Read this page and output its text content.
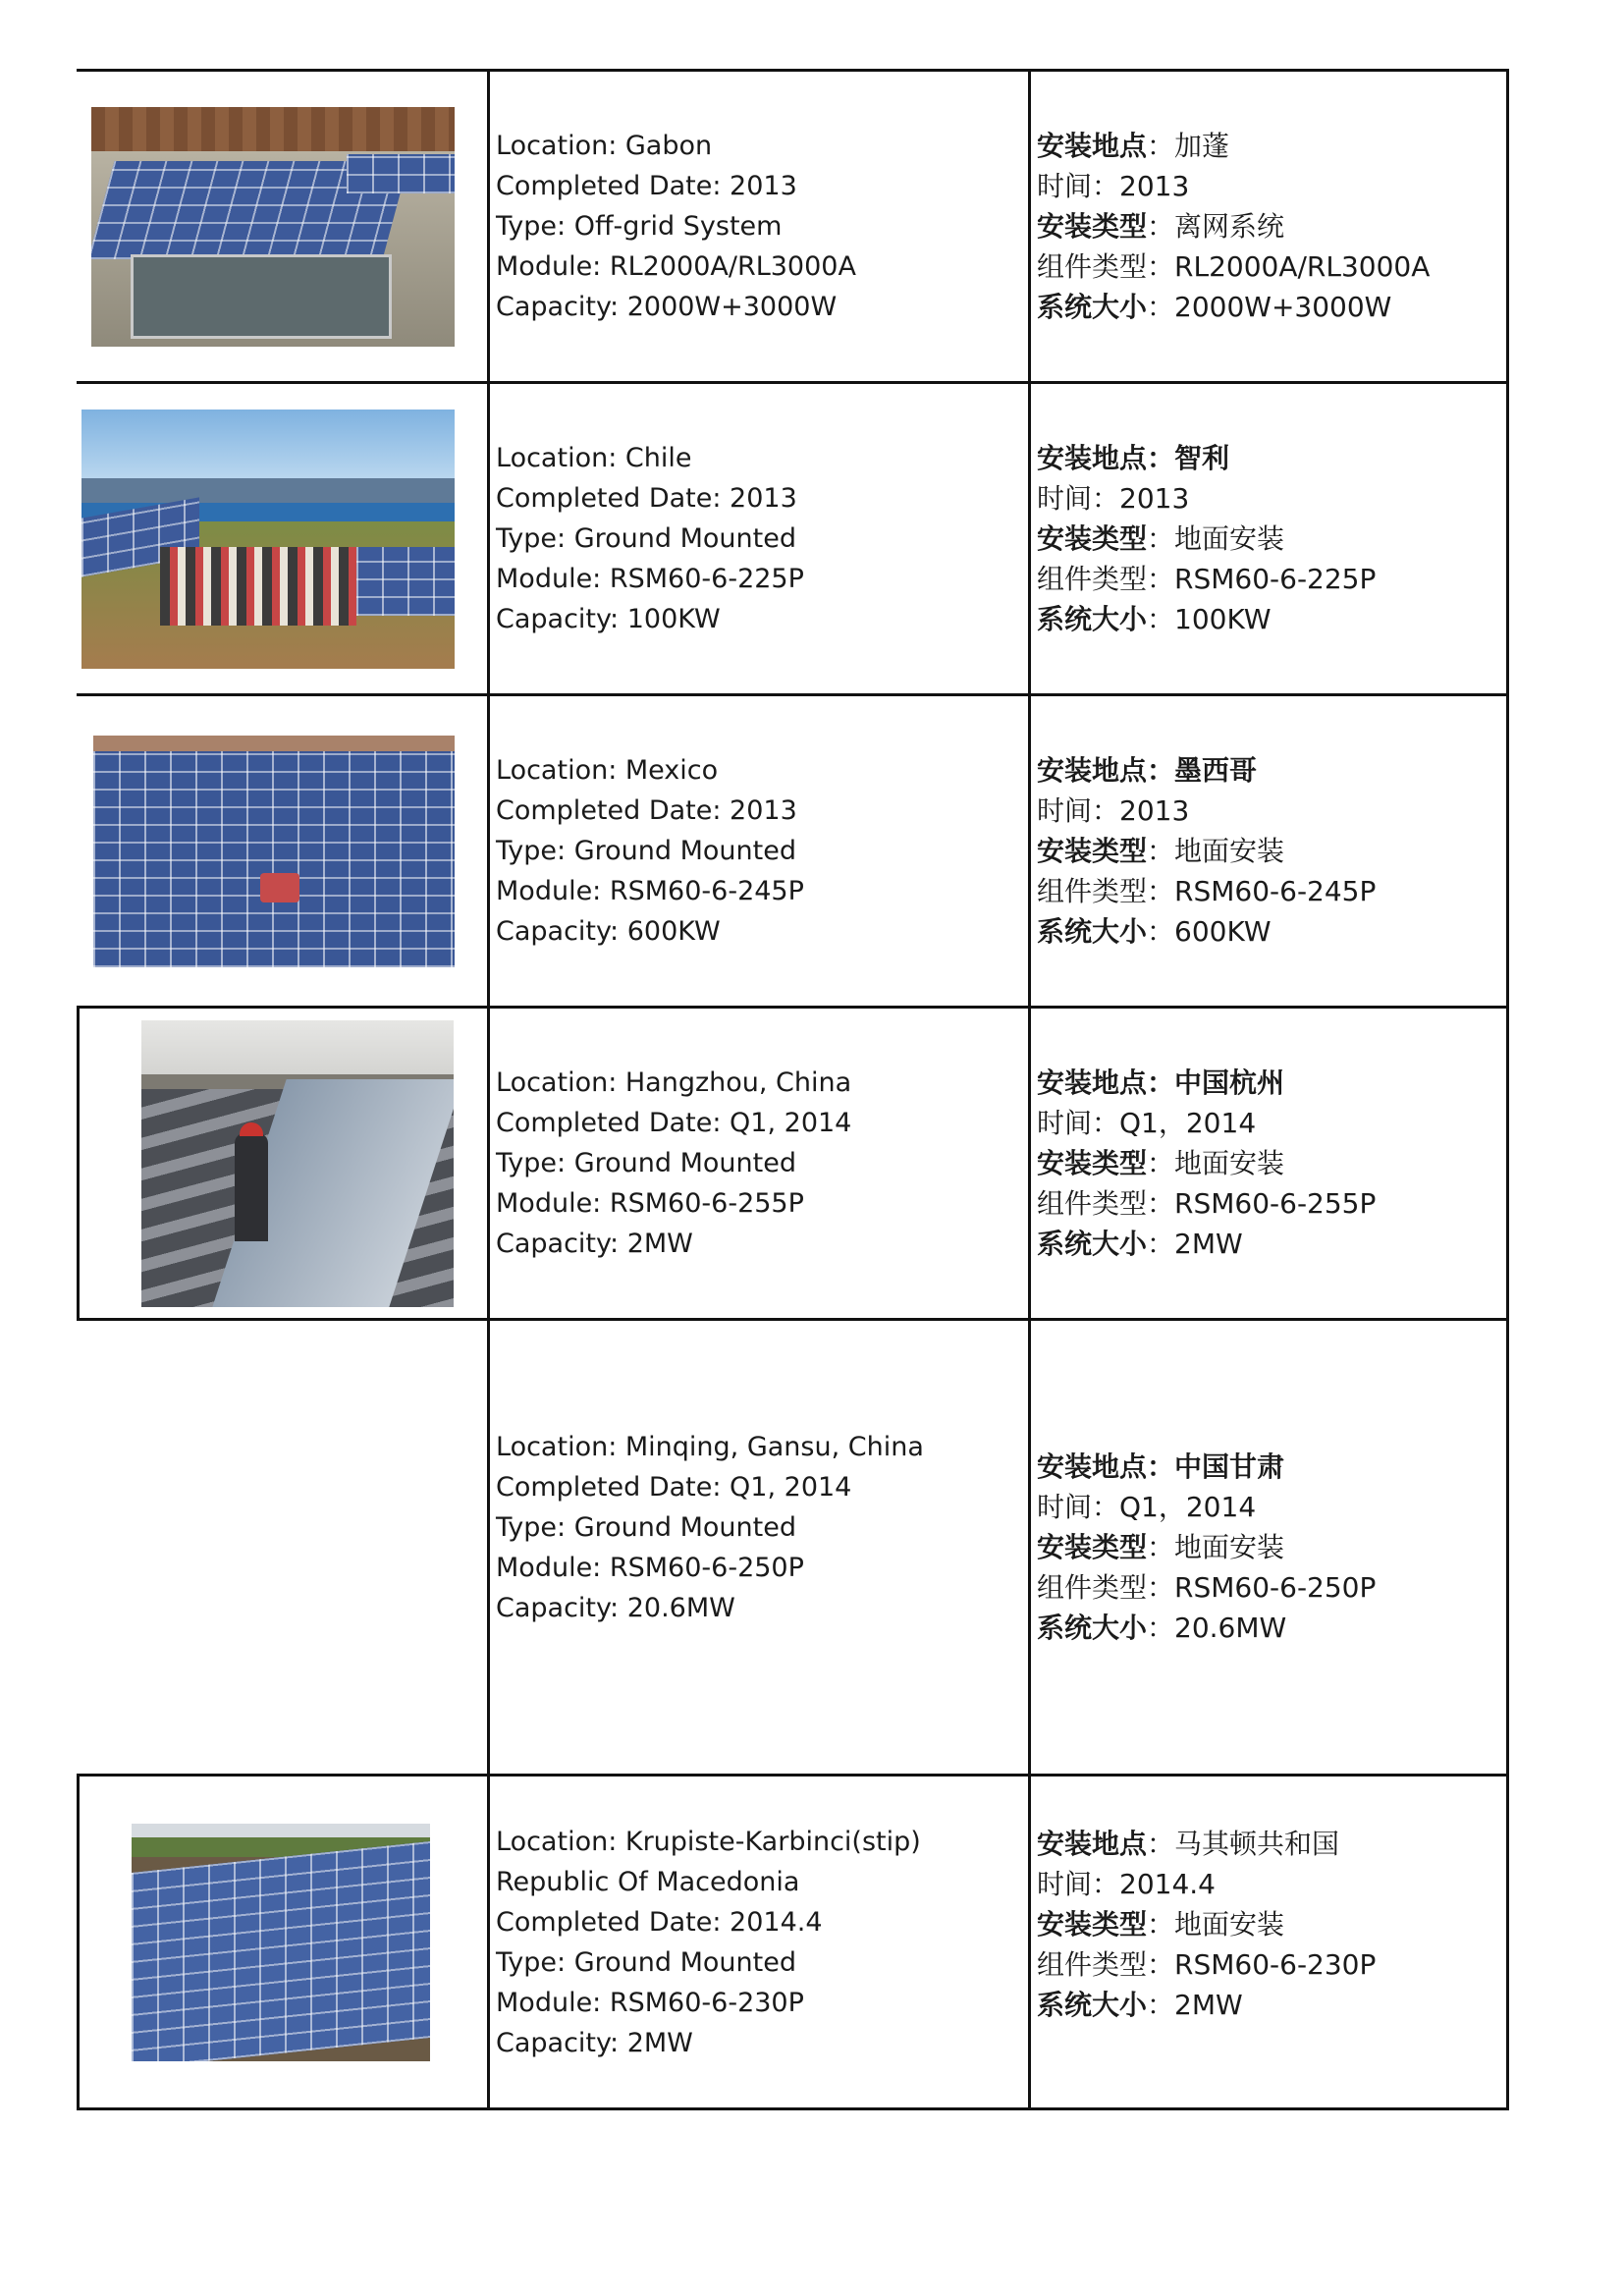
	Location: Gabon
Completed Date: 2013
Type: Off-grid System
Module: RL2000A/RL3000A
Capacity: 2000W+3000W	安装地点：加蓬
时间：2013
安装类型：离网系统
组件类型：RL2000A/RL3000A
系统大小：2000W+3000W

	Location: Chile
Completed Date: 2013
Type: Ground Mounted
Module: RSM60-6-225P
Capacity: 100KW	安装地点：智利
时间：2013
安装类型：地面安装
组件类型：RSM60-6-225P
系统大小：100KW

	Location: Mexico
Completed Date: 2013
Type: Ground Mounted
Module: RSM60-6-245P
Capacity: 600KW	安装地点：墨西哥
时间：2013
安装类型：地面安装
组件类型：RSM60-6-245P
系统大小：600KW

	Location: Hangzhou, China
Completed Date: Q1, 2014
Type: Ground Mounted
Module: RSM60-6-255P
Capacity: 2MW	安装地点：中国杭州
时间：Q1，2014
安装类型：地面安装
组件类型：RSM60-6-255P
系统大小：2MW

	Location: Minqing, Gansu, China
Completed Date: Q1, 2014
Type: Ground Mounted
Module: RSM60-6-250P
Capacity: 20.6MW	安装地点：中国甘肃
时间：Q1，2014
安装类型：地面安装
组件类型：RSM60-6-250P
系统大小：20.6MW

	Location: Krupiste-Karbinci(stip) Republic Of Macedonia
Completed Date: 2014.4
Type: Ground Mounted
Module: RSM60-6-230P
Capacity: 2MW	安装地点：马其顿共和国
时间：2014.4
安装类型：地面安装
组件类型：RSM60-6-230P
系统大小：2MW
